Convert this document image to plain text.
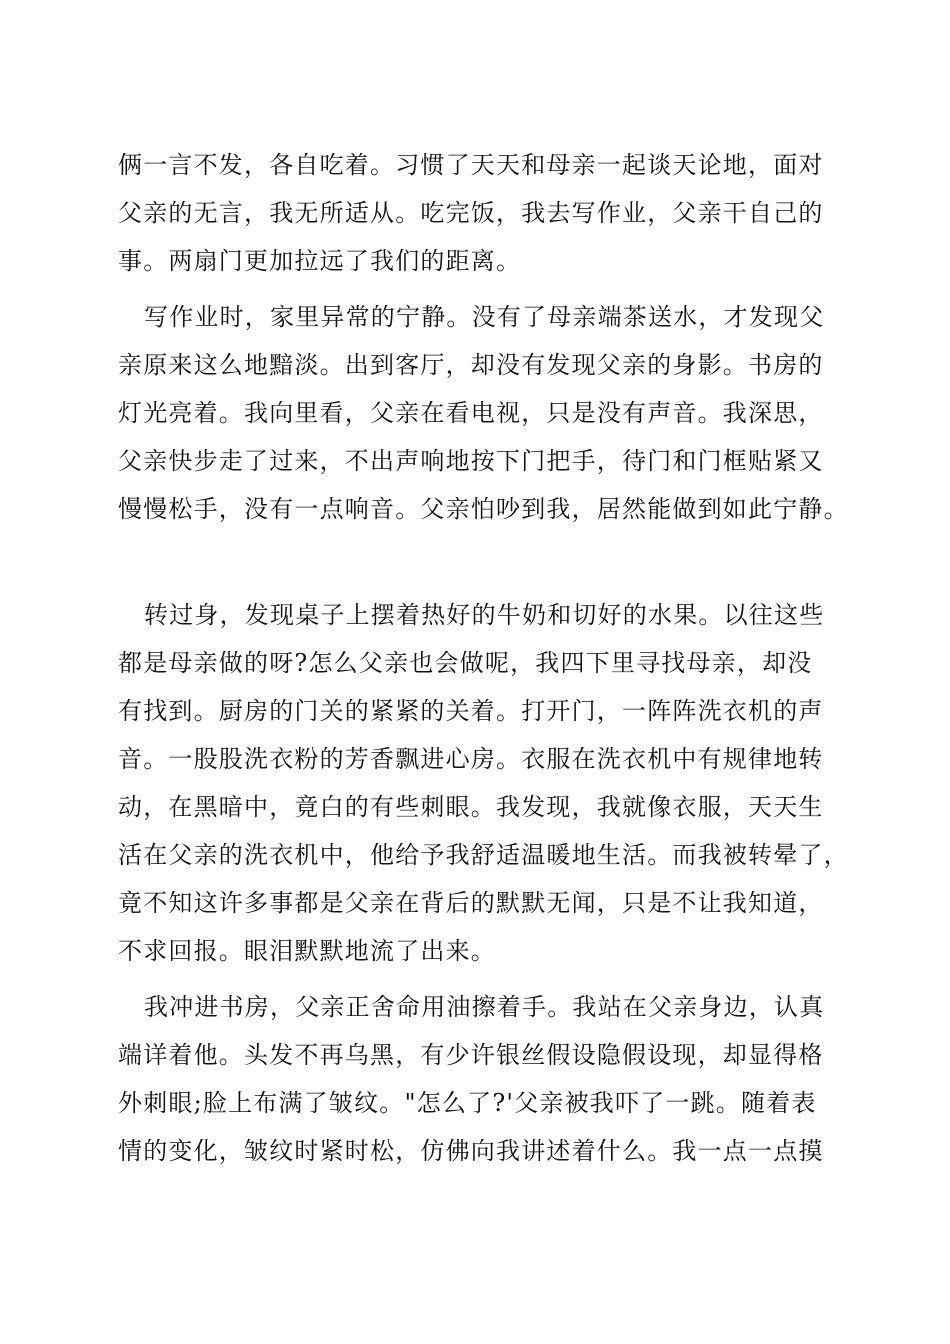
俩一言不发，各自吃着。习惯了天天和母亲一起谈天论地，面对
父亲的无言，我无所适从。吃完饭，我去写作业，父亲干自己的
事。两扇门更加拉远了我们的距离。
写作业时，家里异常的宁静。没有了母亲端茶送水，才发现父
亲原来这么地黯淡。出到客厅，却没有发现父亲的身影。书房的
灯光亮着。我向里看，父亲在看电视，只是没有声音。我深思，
父亲快步走了过来，不出声响地按下门把手，待门和门框贴紧又
慢慢松手，没有一点响音。父亲怕吵到我，居然能做到如此宁静。
转过身，发现桌子上摆着热好的牛奶和切好的水果。以往这些
都是母亲做的呀?怎么父亲也会做呢，我四下里寻找母亲，却没
有找到。厨房的门关的紧紧的关着。打开门，一阵阵洗衣机的声
音。一股股洗衣粉的芳香飘进心房。衣服在洗衣机中有规律地转
动，在黑暗中，竟白的有些刺眼。我发现，我就像衣服，天天生
活在父亲的洗衣机中，他给予我舒适温暖地生活。而我被转晕了，
竟不知这许多事都是父亲在背后的默默无闻，只是不让我知道，
不求回报。眼泪默默地流了出来。
我冲进书房，父亲正舍命用油擦着手。我站在父亲身边，认真
端详着他。头发不再乌黑，有少许银丝假设隐假设现，却显得格
外刺眼;脸上布满了皱纹。"怎么了?'父亲被我吓了一跳。随着表
情的变化，皱纹时紧时松，仿佛向我讲述着什么。我一点一点摸
